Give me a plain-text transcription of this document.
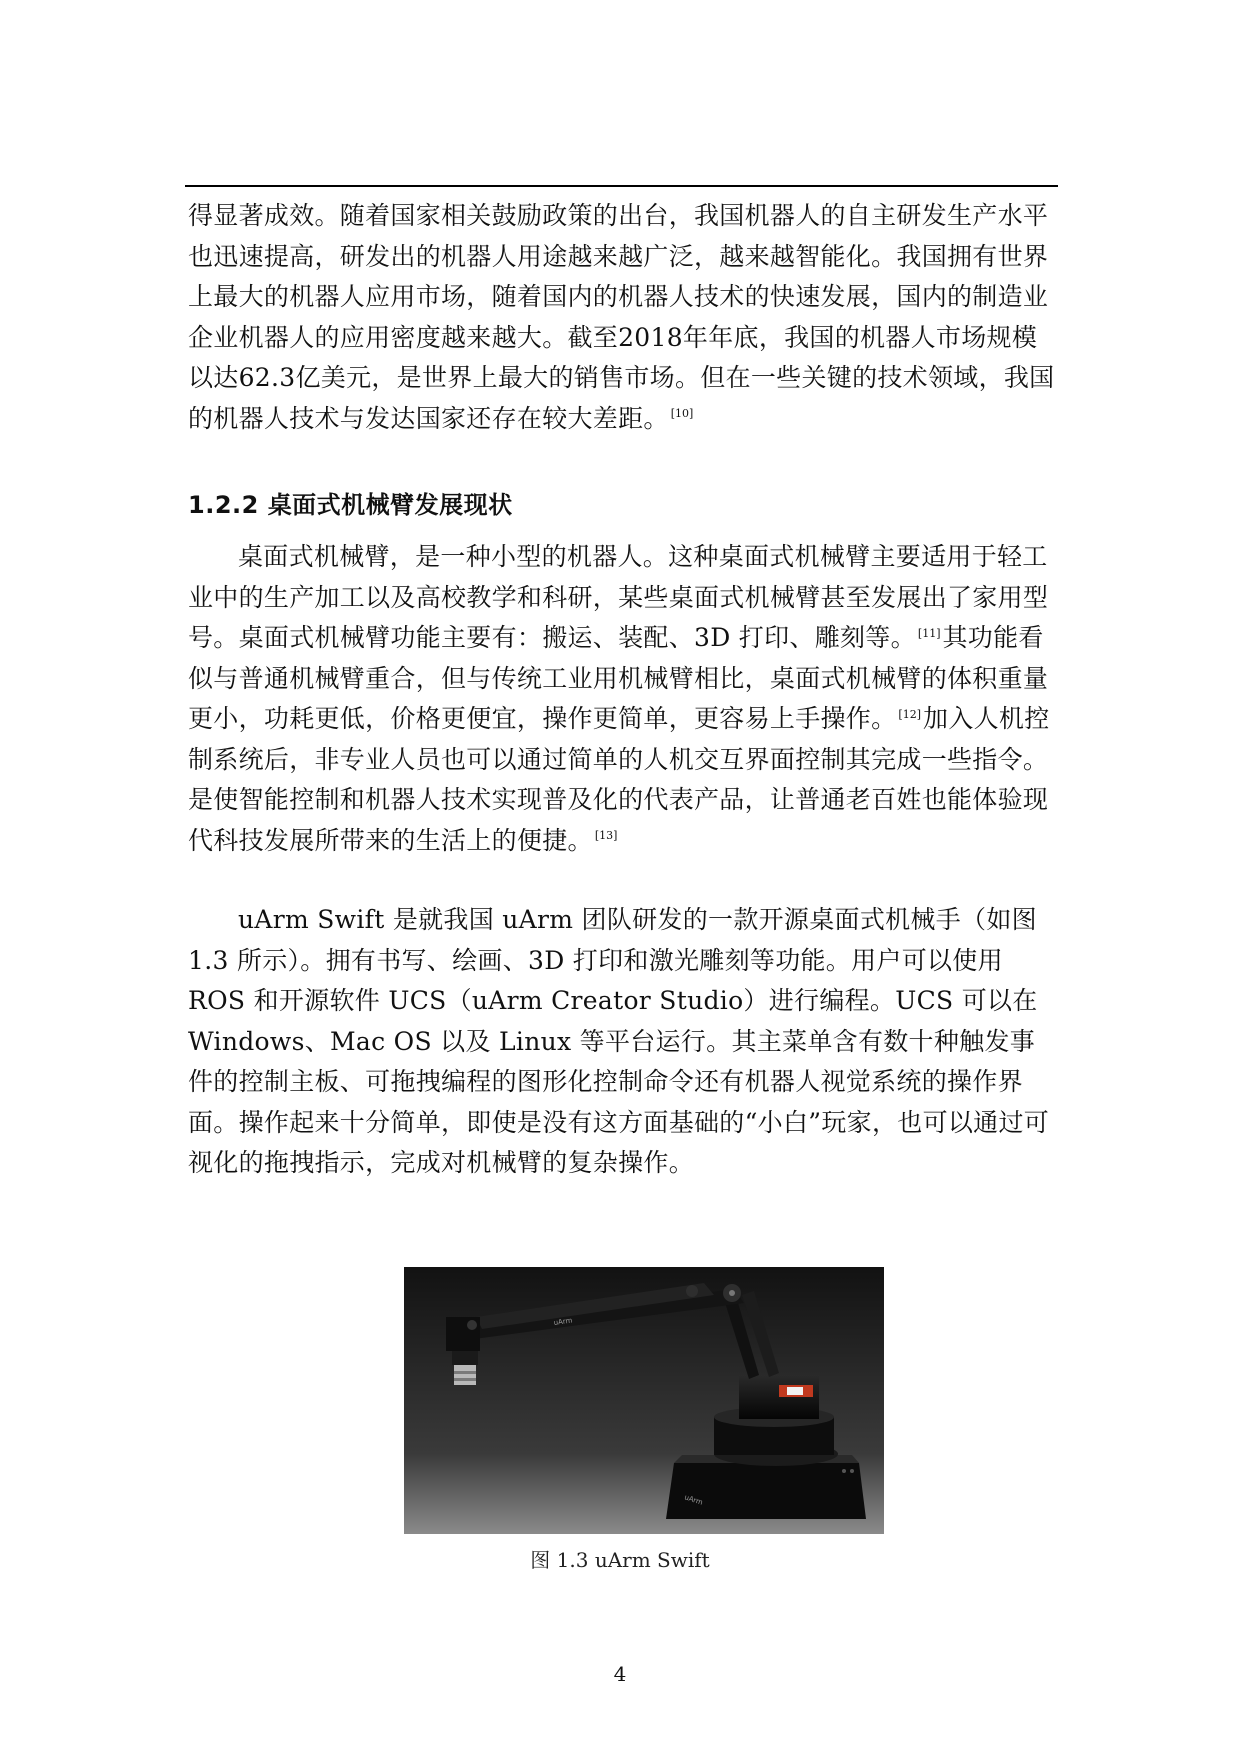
得显著成效。随着国家相关鼓励政策的出台，我国机器人的自主研发生产水平也迅速提高，研发出的机器人用途越来越广泛，越来越智能化。我国拥有世界上最大的机器人应用市场，随着国内的机器人技术的快速发展，国内的制造业企业机器人的应用密度越来越大。截至2018年年底，我国的机器人市场规模以达62.3亿美元，是世界上最大的销售市场。但在一些关键的技术领域，我国的机器人技术与发达国家还存在较大差距。 [10]
1.2.2 桌面式机械臂发展现状
桌面式机械臂，是一种小型的机器人。这种桌面式机械臂主要适用于轻工业中的生产加工以及高校教学和科研，某些桌面式机械臂甚至发展出了家用型号。桌面式机械臂功能主要有：搬运、装配、3D 打印、雕刻等。 [11]其功能看似与普通机械臂重合，但与传统工业用机械臂相比，桌面式机械臂的体积重量更小，功耗更低，价格更便宜，操作更简单，更容易上手操作。 [12]加入人机控制系统后，非专业人员也可以通过简单的人机交互界面控制其完成一些指令。是使智能控制和机器人技术实现普及化的代表产品，让普通老百姓也能体验现代科技发展所带来的生活上的便捷。 [13]
uArm Swift 是就我国 uArm 团队研发的一款开源桌面式机械手（如图 1.3 所示）。拥有书写、绘画、3D 打印和激光雕刻等功能。用户可以使用 ROS 和开源软件 UCS（uArm Creator Studio）进行编程。UCS 可以在 Windows、Mac OS 以及 Linux 等平台运行。其主菜单含有数十种触发事件的控制主板、可拖拽编程的图形化控制命令还有机器人视觉系统的操作界面。操作起来十分简单，即使是没有这方面基础的“小白”玩家，也可以通过可视化的拖拽指示，完成对机械臂的复杂操作。
uArm
uArm
图 1.3 uArm Swift
4
